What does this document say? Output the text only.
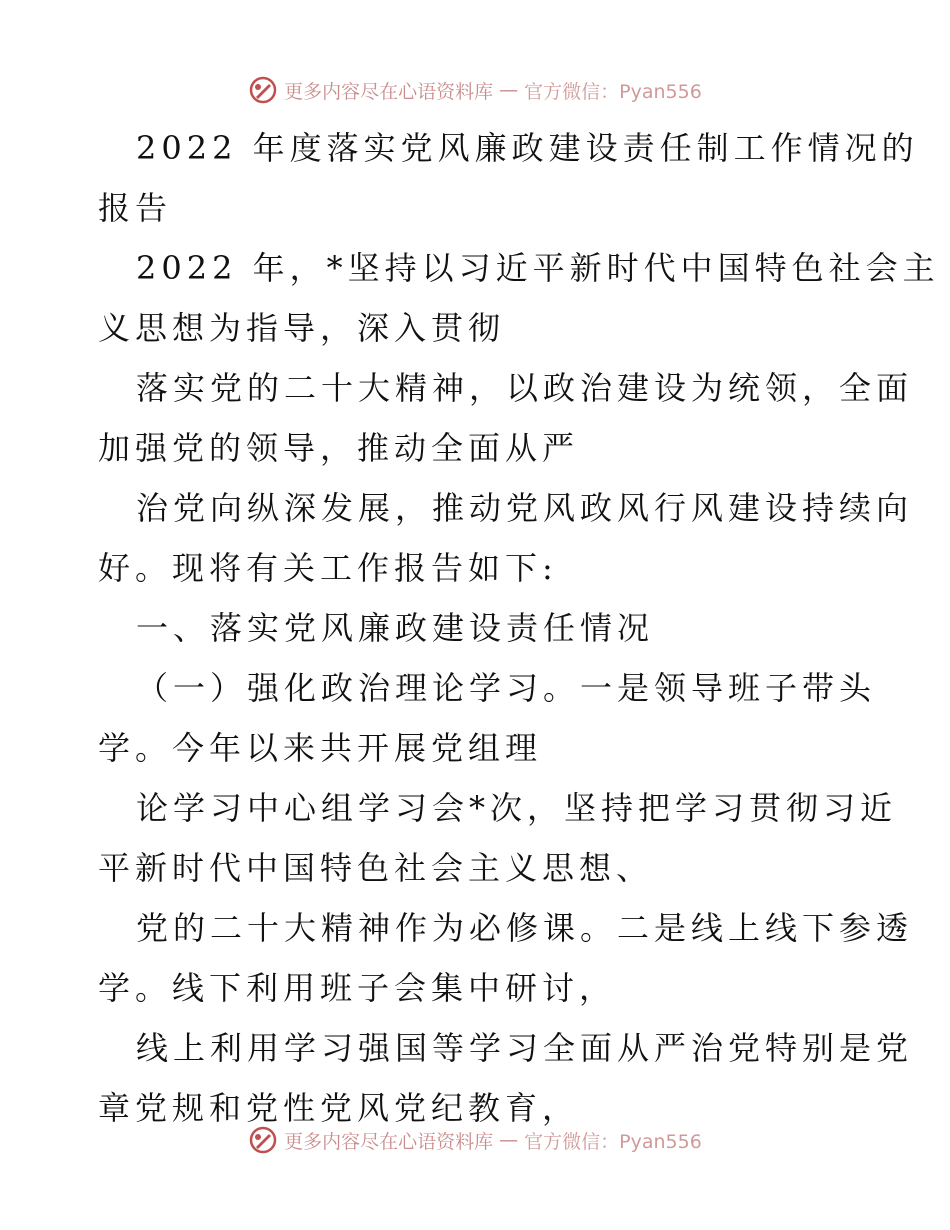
更多内容尽在心语资料库 — 官方微信：Pyan556
2022 年度落实党风廉政建设责任制工作情况的
报告
2022 年，*坚持以习近平新时代中国特色社会主
义思想为指导，深入贯彻
落实党的二十大精神，以政治建设为统领，全面
加强党的领导，推动全面从严
治党向纵深发展，推动党风政风行风建设持续向
好。现将有关工作报告如下:
一、落实党风廉政建设责任情况
（一）强化政治理论学习。一是领导班子带头
学。今年以来共开展党组理
论学习中心组学习会*次，坚持把学习贯彻习近
平新时代中国特色社会主义思想、
党的二十大精神作为必修课。二是线上线下参透
学。线下利用班子会集中研讨，
线上利用学习强国等学习全面从严治党特别是党
章党规和党性党风党纪教育，
更多内容尽在心语资料库 — 官方微信：Pyan556
